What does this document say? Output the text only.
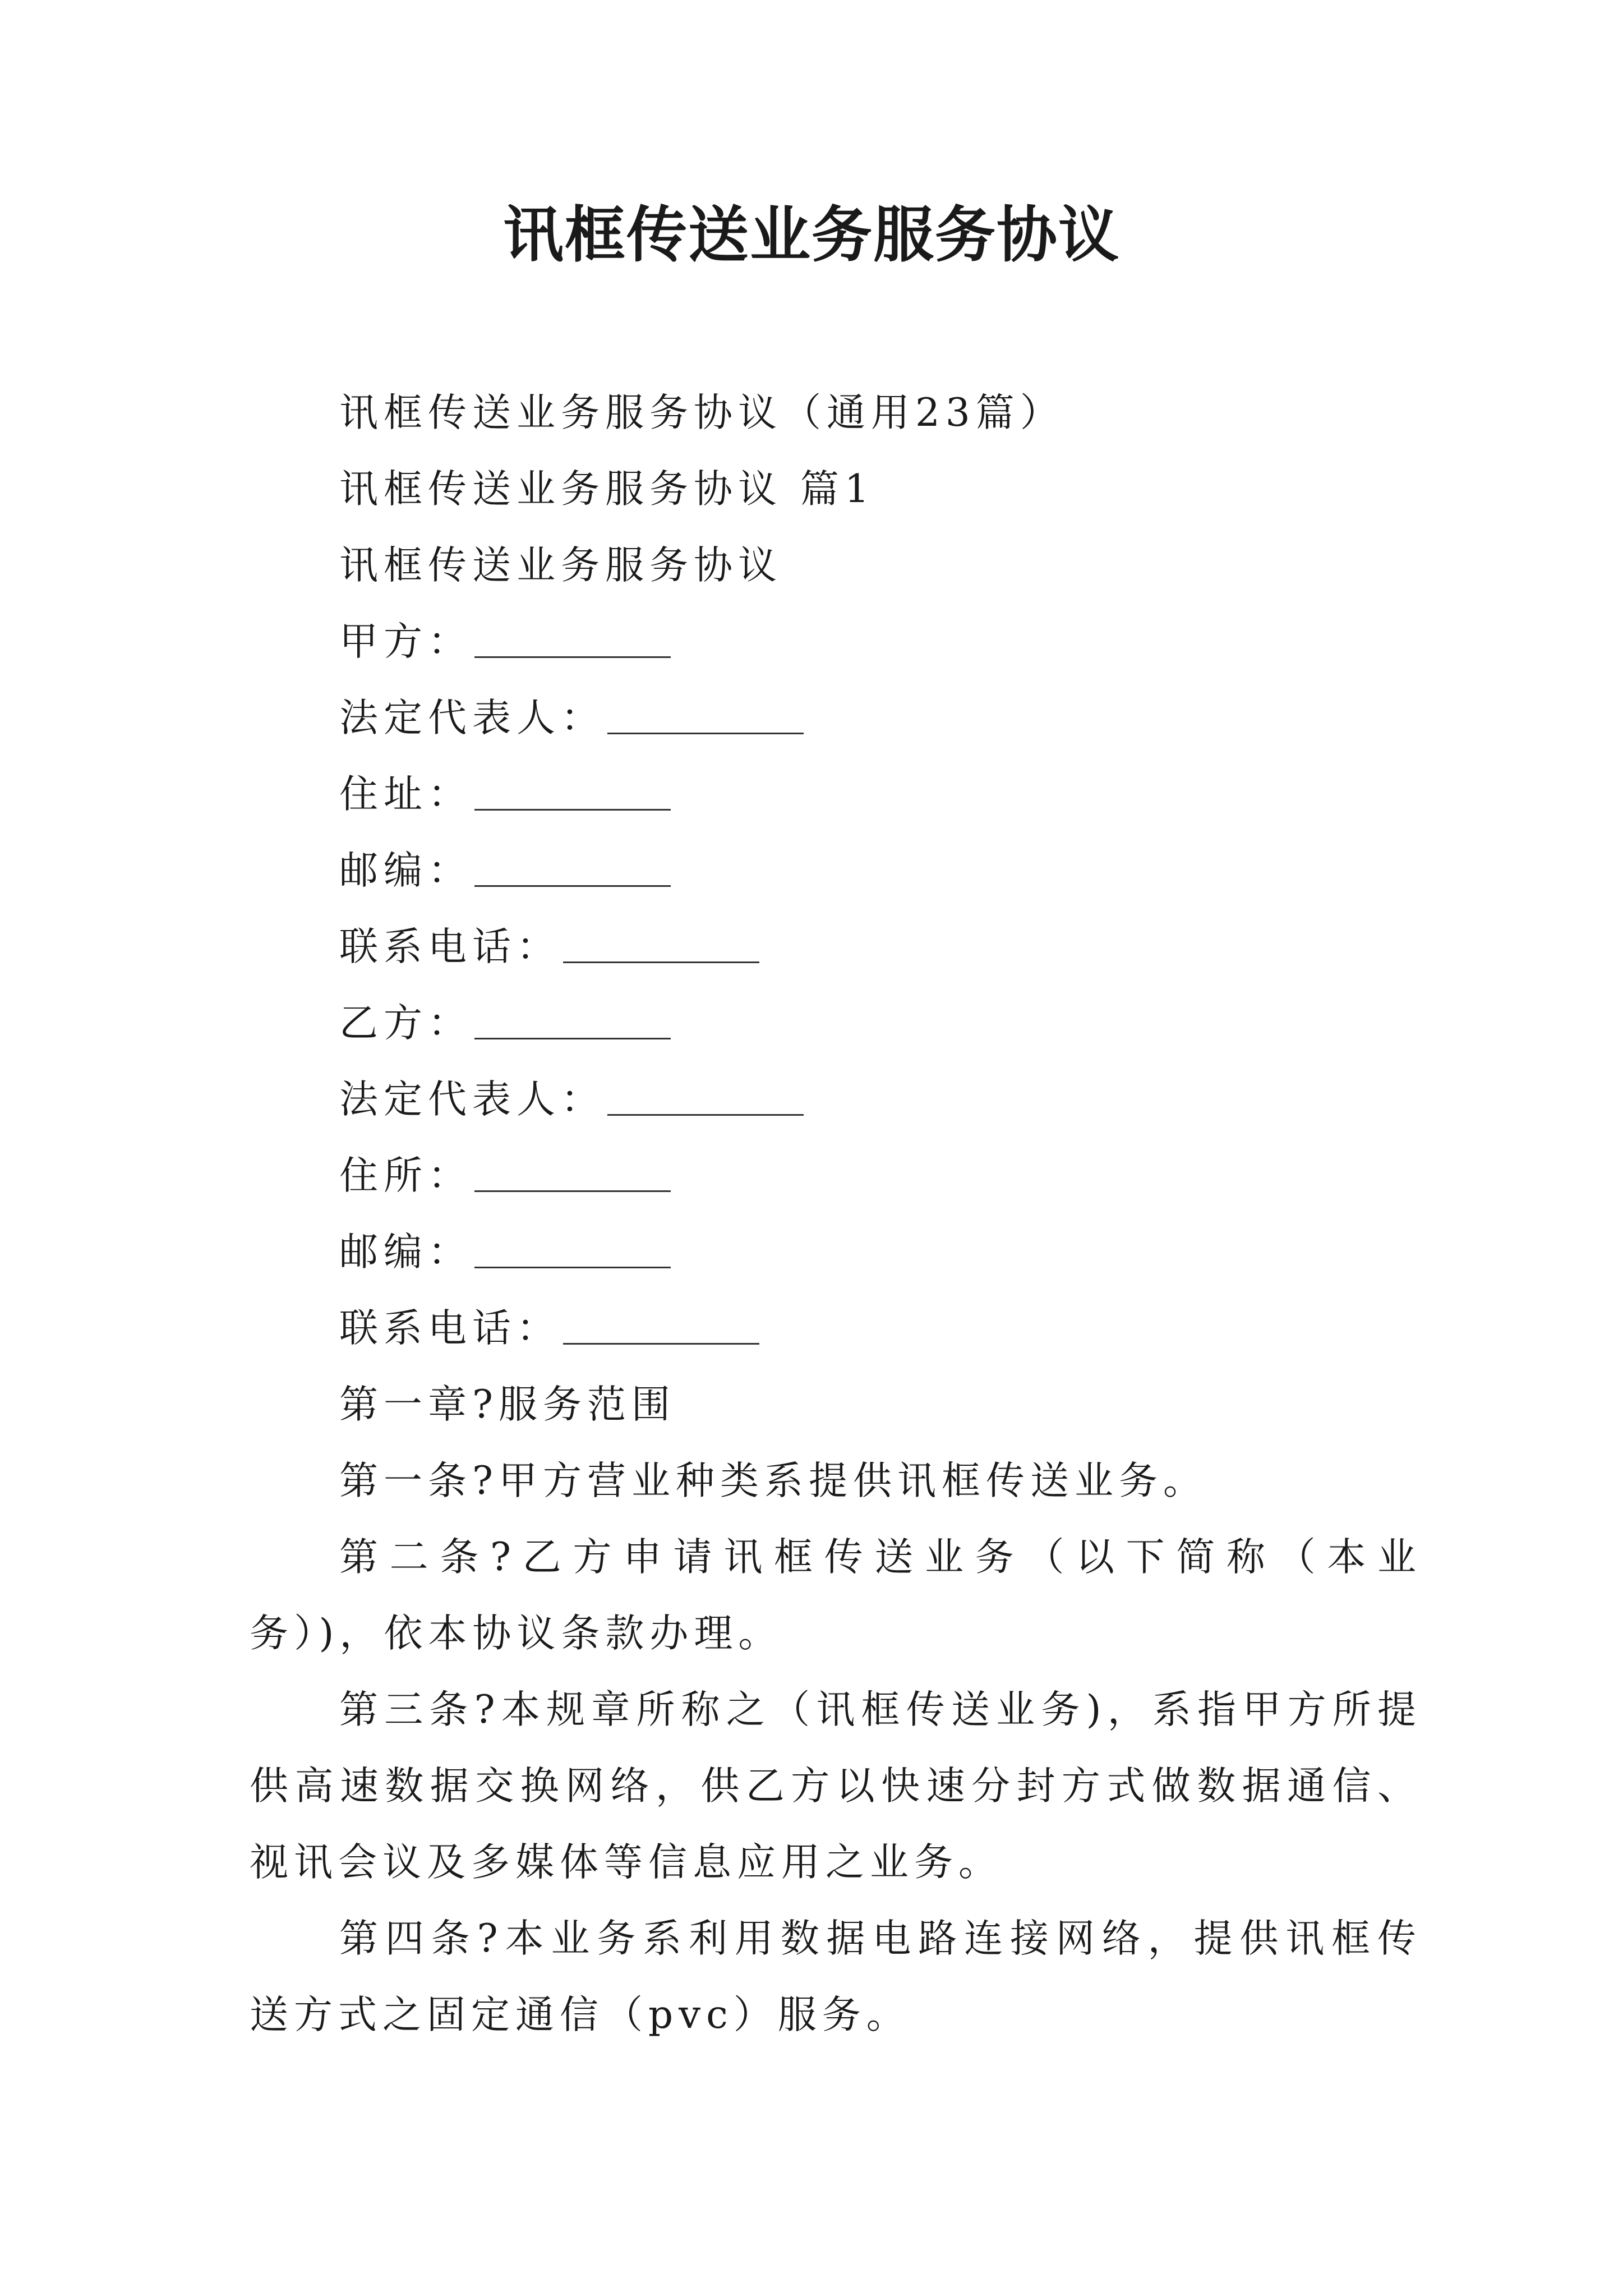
讯框传送业务服务协议

讯框传送业务服务协议（通用23篇）

讯框传送业务服务协议 篇1

讯框传送业务服务协议

甲方：

法定代表人：

住址：

邮编：

联系电话：

乙方：

法定代表人：

住所：

邮编：

联系电话：

第一章?服务范围

第一条?甲方营业种类系提供讯框传送业务。

第二条?乙方申请讯框传送业务（以下简称（本业务）)，依本协议条款办理。

第三条?本规章所称之（讯框传送业务)，系指甲方所提供高速数据交换网络，供乙方以快速分封方式做数据通信、视讯会议及多媒体等信息应用之业务。

第四条?本业务系利用数据电路连接网络，提供讯框传送方式之固定通信（pvc）服务。
